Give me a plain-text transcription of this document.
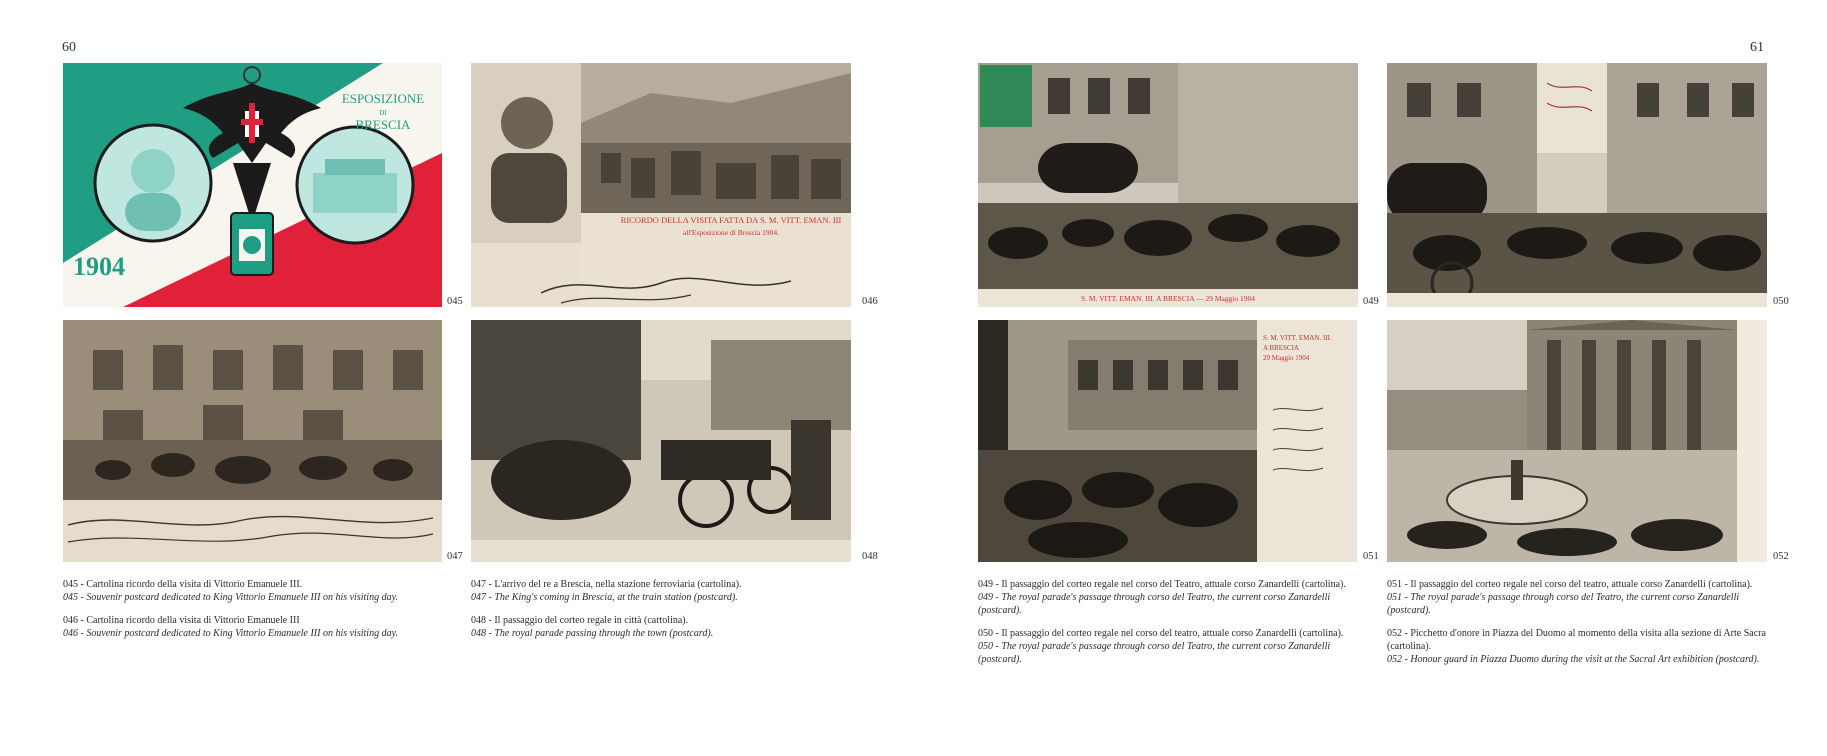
60	61
ESPOSIZIONE
DI
BRESCIA
1904
045
RICORDO DELLA VISITA FATTA DA S. M. VITT. EMAN. III
all'Esposizione di Brescia 1904.
046
047	048
S. M. VITT. EMAN. III. A BRESCIA — 29 Maggio 1904	049	050
S. M. VITT. EMAN. III.
A BRESCIA
29 Maggio 1904
051	052

045 - Cartolina ricordo della visita di Vittorio Emanuele III.

045 - Souvenir postcard dedicated to King Vittorio Emanuele III on his visiting day.

046 - Cartolina ricordo della visita di Vittorio Emanuele III

046 - Souvenir postcard dedicated to King Vittorio Emanuele III on his visiting day.

047 - L'arrivo del re a Brescia, nella stazione ferroviaria (cartolina).

047 - The King's coming in Brescia, at the train station (postcard).

048 - Il passaggio del corteo regale in città (cartolina).

048 - The royal parade passing through the town (postcard).

049 - Il passaggio del corteo regale nel corso del Teatro, attuale corso Zanardelli (cartolina).

049 - The royal parade's passage through corso del Teatro, the current corso Zanardelli (postcard).

050 - Il passaggio del corteo regale nel corso del teatro, attuale corso Zanardelli (cartolina).

050 - The royal parade's passage through corso del Teatro, the current corso Zanardelli (postcard).

051 - Il passaggio del corteo regale nel corso del teatro, attuale corso Zanardelli (cartolina).

051 - The royal parade's passage through corso del Teatro, the current corso Zanardelli (postcard).

052 - Picchetto d'onore in Piazza del Duomo al momento della visita alla sezione di Arte Sacra (cartolina).

052 - Honour guard in Piazza Duomo during the visit at the Sacral Art exhibition (postcard).
